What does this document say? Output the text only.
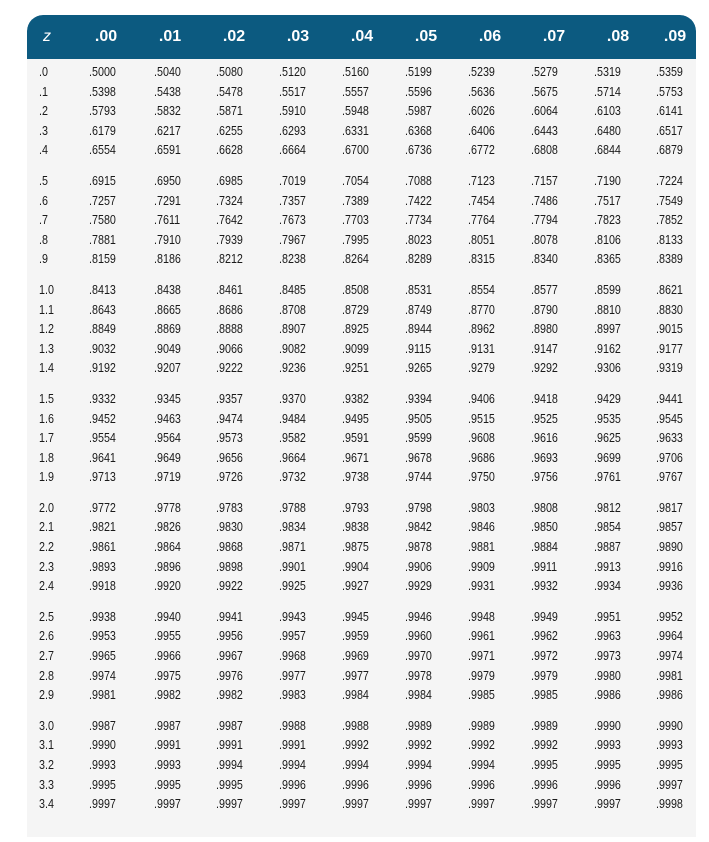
z	.00	.01	.02	.03	.04	.05	.06	.07	.08	.09
.0	.5000	.5040	.5080	.5120	.5160	.5199	.5239	.5279	.5319	.5359
.1	.5398	.5438	.5478	.5517	.5557	.5596	.5636	.5675	.5714	.5753
.2	.5793	.5832	.5871	.5910	.5948	.5987	.6026	.6064	.6103	.6141
.3	.6179	.6217	.6255	.6293	.6331	.6368	.6406	.6443	.6480	.6517
.4	.6554	.6591	.6628	.6664	.6700	.6736	.6772	.6808	.6844	.6879
.5	.6915	.6950	.6985	.7019	.7054	.7088	.7123	.7157	.7190	.7224
.6	.7257	.7291	.7324	.7357	.7389	.7422	.7454	.7486	.7517	.7549
.7	.7580	.7611	.7642	.7673	.7703	.7734	.7764	.7794	.7823	.7852
.8	.7881	.7910	.7939	.7967	.7995	.8023	.8051	.8078	.8106	.8133
.9	.8159	.8186	.8212	.8238	.8264	.8289	.8315	.8340	.8365	.8389
1.0	.8413	.8438	.8461	.8485	.8508	.8531	.8554	.8577	.8599	.8621
1.1	.8643	.8665	.8686	.8708	.8729	.8749	.8770	.8790	.8810	.8830
1.2	.8849	.8869	.8888	.8907	.8925	.8944	.8962	.8980	.8997	.9015
1.3	.9032	.9049	.9066	.9082	.9099	.9115	.9131	.9147	.9162	.9177
1.4	.9192	.9207	.9222	.9236	.9251	.9265	.9279	.9292	.9306	.9319
1.5	.9332	.9345	.9357	.9370	.9382	.9394	.9406	.9418	.9429	.9441
1.6	.9452	.9463	.9474	.9484	.9495	.9505	.9515	.9525	.9535	.9545
1.7	.9554	.9564	.9573	.9582	.9591	.9599	.9608	.9616	.9625	.9633
1.8	.9641	.9649	.9656	.9664	.9671	.9678	.9686	.9693	.9699	.9706
1.9	.9713	.9719	.9726	.9732	.9738	.9744	.9750	.9756	.9761	.9767
2.0	.9772	.9778	.9783	.9788	.9793	.9798	.9803	.9808	.9812	.9817
2.1	.9821	.9826	.9830	.9834	.9838	.9842	.9846	.9850	.9854	.9857
2.2	.9861	.9864	.9868	.9871	.9875	.9878	.9881	.9884	.9887	.9890
2.3	.9893	.9896	.9898	.9901	.9904	.9906	.9909	.9911	.9913	.9916
2.4	.9918	.9920	.9922	.9925	.9927	.9929	.9931	.9932	.9934	.9936
2.5	.9938	.9940	.9941	.9943	.9945	.9946	.9948	.9949	.9951	.9952
2.6	.9953	.9955	.9956	.9957	.9959	.9960	.9961	.9962	.9963	.9964
2.7	.9965	.9966	.9967	.9968	.9969	.9970	.9971	.9972	.9973	.9974
2.8	.9974	.9975	.9976	.9977	.9977	.9978	.9979	.9979	.9980	.9981
2.9	.9981	.9982	.9982	.9983	.9984	.9984	.9985	.9985	.9986	.9986
3.0	.9987	.9987	.9987	.9988	.9988	.9989	.9989	.9989	.9990	.9990
3.1	.9990	.9991	.9991	.9991	.9992	.9992	.9992	.9992	.9993	.9993
3.2	.9993	.9993	.9994	.9994	.9994	.9994	.9994	.9995	.9995	.9995
3.3	.9995	.9995	.9995	.9996	.9996	.9996	.9996	.9996	.9996	.9997
3.4	.9997	.9997	.9997	.9997	.9997	.9997	.9997	.9997	.9997	.9998
